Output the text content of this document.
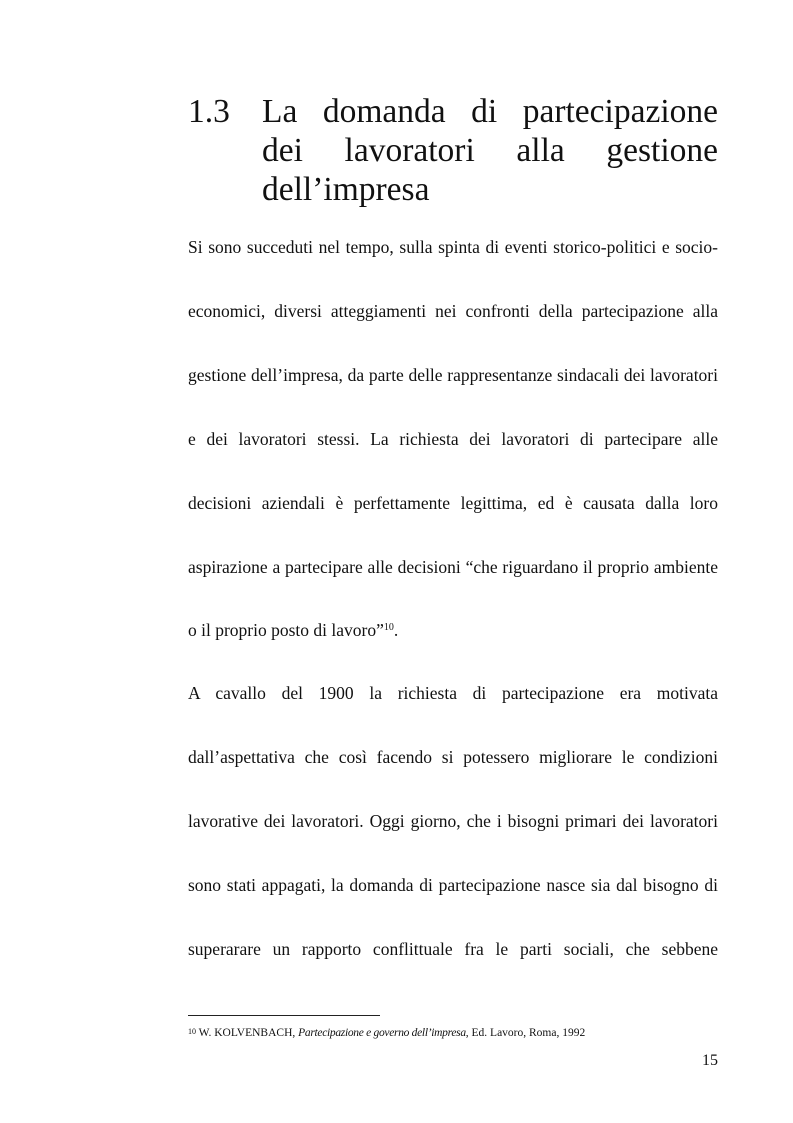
1.3 La domanda di partecipazione
dei lavoratori alla gestione
dell’impresa
Si sono succeduti nel tempo, sulla spinta di eventi storico-politici e socio-
economici, diversi atteggiamenti nei confronti della partecipazione alla
gestione dell’impresa, da parte delle rappresentanze sindacali dei lavoratori
e dei lavoratori stessi. La richiesta dei lavoratori di partecipare alle
decisioni aziendali è perfettamente legittima, ed è causata dalla loro
aspirazione a partecipare alle decisioni “che riguardano il proprio ambiente
o il proprio posto di lavoro”$^{10}$.
A cavallo del 1900 la richiesta di partecipazione era motivata
dall’aspettativa che così facendo si potessero migliorare le condizioni
lavorative dei lavoratori. Oggi giorno, che i bisogni primari dei lavoratori
sono stati appagati, la domanda di partecipazione nasce sia dal bisogno di
superarare un rapporto conflittuale fra le parti sociali, che sebbene
10 W. KOLVENBACH, Partecipazione e governo dell’impresa, Ed. Lavoro, Roma, 1992
15
